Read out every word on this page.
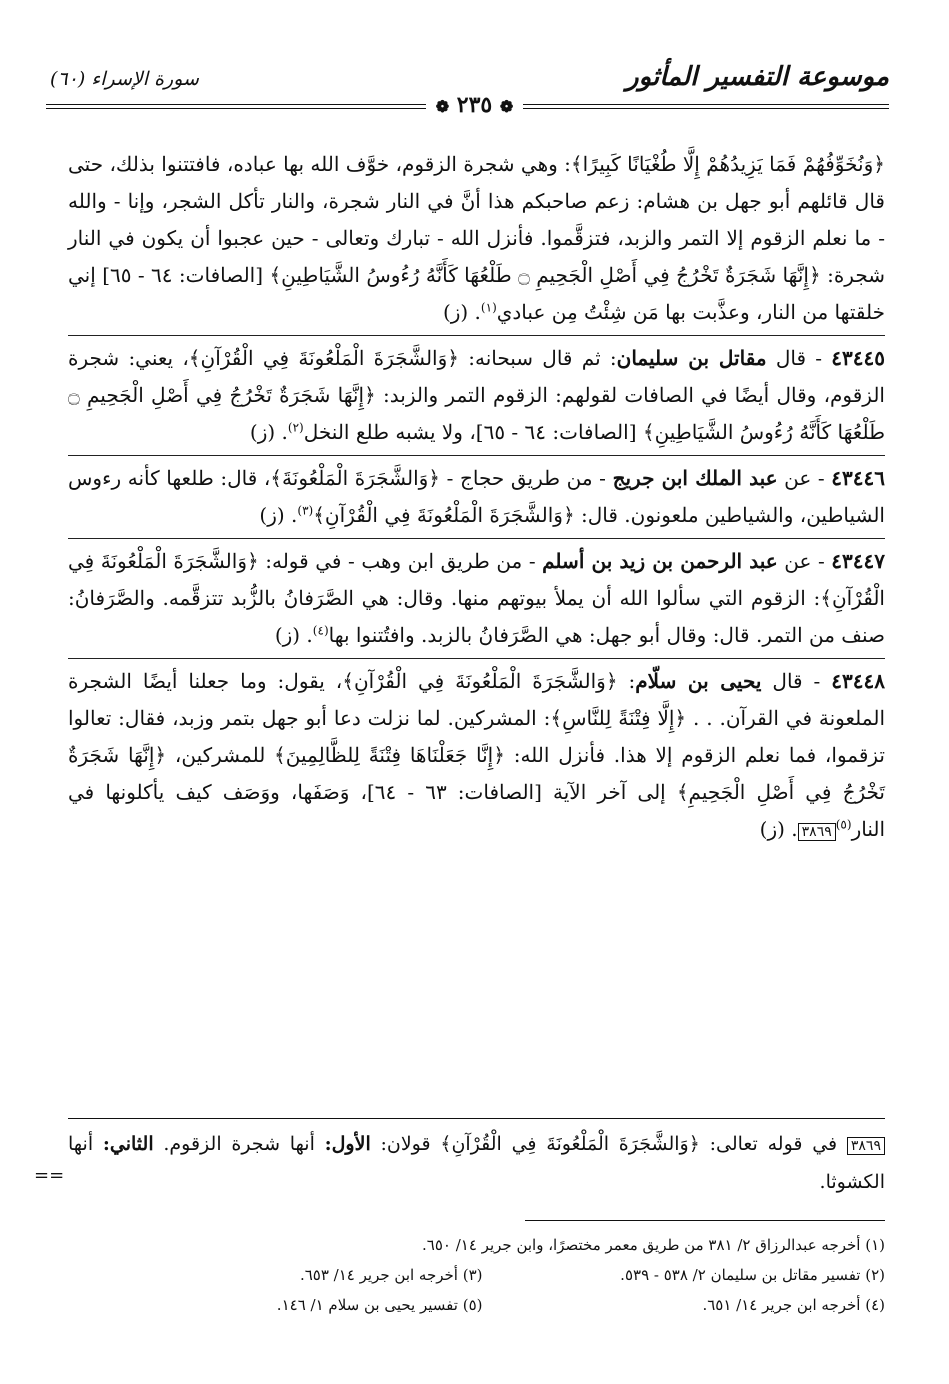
موسوعة التفسير المأثور
سورة الإسراء (٦٠)
❁ ٢٣٥ ❁

﴿وَنُخَوِّفُهُمْ فَمَا يَزِيدُهُمْ إِلَّا طُغْيَانًا كَبِيرًا﴾: وهي شجرة الزقوم، خوَّف الله بها عباده، فافتتنوا بذلك، حتى قال قائلهم أبو جهل بن هشام: زعم صاحبكم هذا أنَّ في النار شجرة، والنار تأكل الشجر، وإنا - والله - ما نعلم الزقوم إلا التمر والزبد، فتزقَّموا. فأنزل الله - تبارك وتعالى - حين عجبوا أن يكون في النار شجرة: ﴿إِنَّهَا شَجَرَةٌ تَخْرُجُ فِي أَصْلِ الْجَحِيمِ ۝ طَلْعُهَا كَأَنَّهُ رُءُوسُ الشَّيَاطِينِ﴾ [الصافات: ٦٤ - ٦٥] إني خلقتها من النار، وعذَّبت بها مَن شِئْتُ مِن عبادي$^{(١)}$. (ز)

٤٣٤٤٥ - قال مقاتل بن سليمان: ثم قال سبحانه: ﴿وَالشَّجَرَةَ الْمَلْعُونَةَ فِي الْقُرْآنِ﴾، يعني: شجرة الزقوم، وقال أيضًا في الصافات لقولهم: الزقوم التمر والزبد: ﴿إِنَّهَا شَجَرَةٌ تَخْرُجُ فِي أَصْلِ الْجَحِيمِ ۝ طَلْعُهَا كَأَنَّهُ رُءُوسُ الشَّيَاطِينِ﴾ [الصافات: ٦٤ - ٦٥]، ولا يشبه طلع النخل$^{(٢)}$. (ز)

٤٣٤٤٦ - عن عبد الملك ابن جريج - من طريق حجاج - ﴿وَالشَّجَرَةَ الْمَلْعُونَةَ﴾، قال: طلعها كأنه رءوس الشياطين، والشياطين ملعونون. قال: ﴿وَالشَّجَرَةَ الْمَلْعُونَةَ فِي الْقُرْآنِ﴾$^{(٣)}$. (ز)

٤٣٤٤٧ - عن عبد الرحمن بن زيد بن أسلم - من طريق ابن وهب - في قوله: ﴿وَالشَّجَرَةَ الْمَلْعُونَةَ فِي الْقُرْآنِ﴾: الزقوم التي سألوا الله أن يملأ بيوتهم منها. وقال: هي الصَّرَفانُ بالزُّبد تتزقَّمه. والصَّرَفانُ: صنف من التمر. قال: وقال أبو جهل: هي الصَّرَفانُ بالزبد. وافتُتنوا بها$^{(٤)}$. (ز)

٤٣٤٤٨ - قال يحيى بن سلّام: ﴿وَالشَّجَرَةَ الْمَلْعُونَةَ فِي الْقُرْآنِ﴾، يقول: وما جعلنا أيضًا الشجرة الملعونة في القرآن. . . ﴿إِلَّا فِتْنَةً لِلنَّاسِ﴾: المشركين. لما نزلت دعا أبو جهل بتمر وزبد، فقال: تعالوا تزقموا، فما نعلم الزقوم إلا هذا. فأنزل الله: ﴿إِنَّا جَعَلْنَاهَا فِتْنَةً لِلظَّالِمِينَ﴾ للمشركين، ﴿إِنَّهَا شَجَرَةٌ تَخْرُجُ فِي أَصْلِ الْجَحِيمِ﴾ إلى آخر الآية [الصافات: ٦٣ - ٦٤]، وَصَفَها، ووَصَف كيف يأكلونها في النار$^{(٥)}$٣٨٦٩. (ز)

٣٨٦٩ في قوله تعالى: ﴿وَالشَّجَرَةَ الْمَلْعُونَةَ فِي الْقُرْآنِ﴾ قولان: الأول: أنها شجرة الزقوم. الثاني: أنها الكشوثا.
==
(١) أخرجه عبدالرزاق ٢/ ٣٨١ من طريق معمر مختصرًا، وابن جرير ١٤/ ٦٥٠.
(٢) تفسير مقاتل بن سليمان ٢/ ٥٣٨ - ٥٣٩.
(٣) أخرجه ابن جرير ١٤/ ٦٥٣.
(٤) أخرجه ابن جرير ١٤/ ٦٥١.
(٥) تفسير يحيى بن سلام ١/ ١٤٦.
